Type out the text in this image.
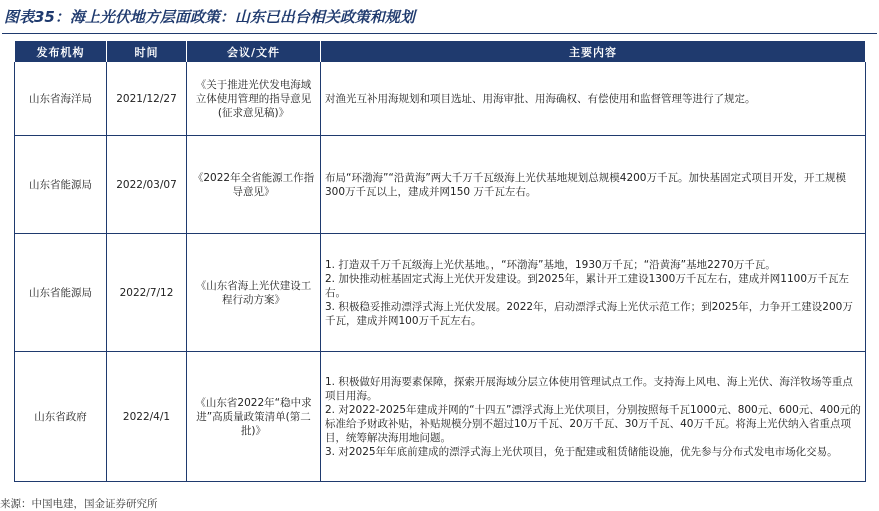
图表35：海上光伏地方层面政策：山东已出台相关政策和规划
发布机构	时间	会议/文件	主要内容
山东省海洋局	2021/12/27	《关于推进光伏发电海域立体使用管理的指导意见(征求意见稿)》	对渔光互补用海规划和项目选址、用海审批、用海确权、有偿使用和监督管理等进行了规定。

山东省能源局	2022/03/07	《2022年全省能源工作指导意见》	布局“环渤海”“沿黄海”两大千万千瓦级海上光伏基地规划总规模4200万千瓦。加快基固定式项目开发，开工规模300万千瓦以上，建成并网150 万千瓦左右。

山东省能源局	2022/7/12	《山东省海上光伏建设工程行动方案》	1. 打造双千万千瓦级海上光伏基地。，“环渤海”基地，1930万千瓦；“沿黄海”基地2270万千瓦。
2. 加快推动桩基固定式海上光伏开发建设。到2025年，累计开工建设1300万千瓦左右，建成并网1100万千瓦左右。
3. 积极稳妥推动漂浮式海上光伏发展。2022年，启动漂浮式海上光伏示范工作；到2025年，力争开工建设200万千瓦，建成并网100万千瓦左右。

山东省政府	2022/4/1	《山东省2022年“稳中求进”高质量政策清单(第二批)》	1. 积极做好用海要素保障，探索开展海域分层立体使用管理试点工作。支持海上风电、海上光伏、海洋牧场等重点项目用海。
2. 对2022-2025年建成并网的“十四五”漂浮式海上光伏项目，分别按照每千瓦1000元、800元、600元、400元的标准给予财政补贴，补贴规模分别不超过10万千瓦、20万千瓦、30万千瓦、40万千瓦。将海上光伏纳入省重点项目，统筹解决海用地问题。
3. 对2025年年底前建成的漂浮式海上光伏项目，免于配建或租赁储能设施，优先参与分布式发电市场化交易。
来源：中国电建，国金证券研究所
